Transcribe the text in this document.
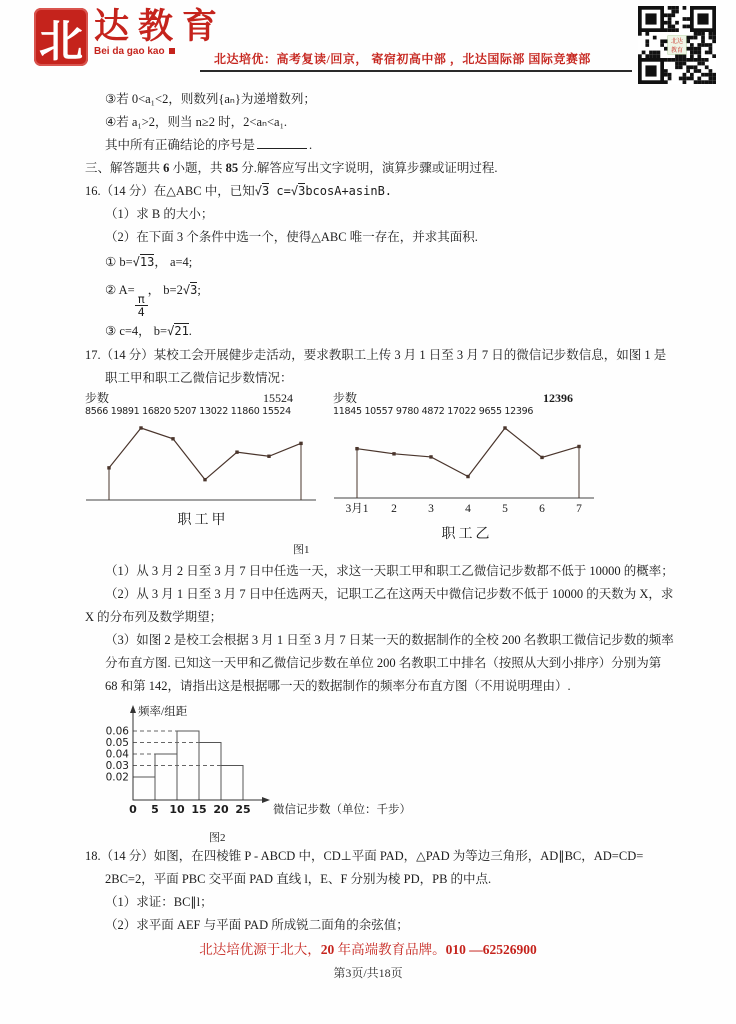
北 达教育
Bei da gao kao
北达培优：高考复读/回京， 寄宿初高中部 ，北达国际部 国际竞赛部
北达
教育

③若 0<a₁<2，则数列{aₙ}为递增数列；

④若 a₁>2，则当 n≥2 时，2<aₙ<a₁.

其中所有正确结论的序号是	.

三、解答题共 6 小题，共 85 分.解答应写出文字说明，演算步骤或证明过程.

16.（14 分）在△ABC 中，已知√3 c=√3bcosA+asinB.

（1）求 B 的大小；

（2）在下面 3 个条件中选一个，使得△ABC 唯一存在，并求其面积.

① b=√13， a=4;

② A=
$\frac{\pi}{4}$
， b=2√3;

③ c=4， b=√21.

17.（14 分）某校工会开展健步走活动，要求教职工上传 3 月 1 日至 3 月 7 日的微信记步数信息，如图 1 是

职工甲和职工乙微信记步数情况：

步数	15524
8566 19891 16820 5207 13022 11860 15524
职工甲
步数	12396
11845 10557 9780 4872 17022 9655 12396
3月1 2	3	4	5	6	7
职工乙
图1

（1）从 3 月 2 日至 3 月 7 日中任选一天，求这一天职工甲和职工乙微信记步数都不低于 10000 的概率；

（2）从 3 月 1 日至 3 月 7 日中任选两天，记职工乙在这两天中微信记步数不低于 10000 的天数为 X，求

X 的分布列及数学期望；

（3）如图 2 是校工会根据 3 月 1 日至 3 月 7 日某一天的数据制作的全校 200 名教职工微信记步数的频率

分布直方图. 已知这一天甲和乙微信记步数在单位 200 名教职工中排名（按照从大到小排序）分别为第

68 和第 142，请指出这是根据哪一天的数据制作的频率分布直方图（不用说明理由）.

频率/组距
0.02
0.03
0.04
0.05
0.06
0 5 10 15 20 25 微信记步数（单位：千步）
图2

18.（14 分）如图，在四棱锥 P - ABCD 中，CD⊥平面 PAD，△PAD 为等边三角形，AD∥BC，AD=CD=

2BC=2，平面 PBC 交平面 PAD 直线 l，E、F 分别为棱 PD，PB 的中点.

（1）求证：BC∥l；

（2）求平面 AEF 与平面 PAD 所成锐二面角的余弦值；

北达培优源于北大，20 年高端教育品牌。010 —62526900
第3页/共18页
